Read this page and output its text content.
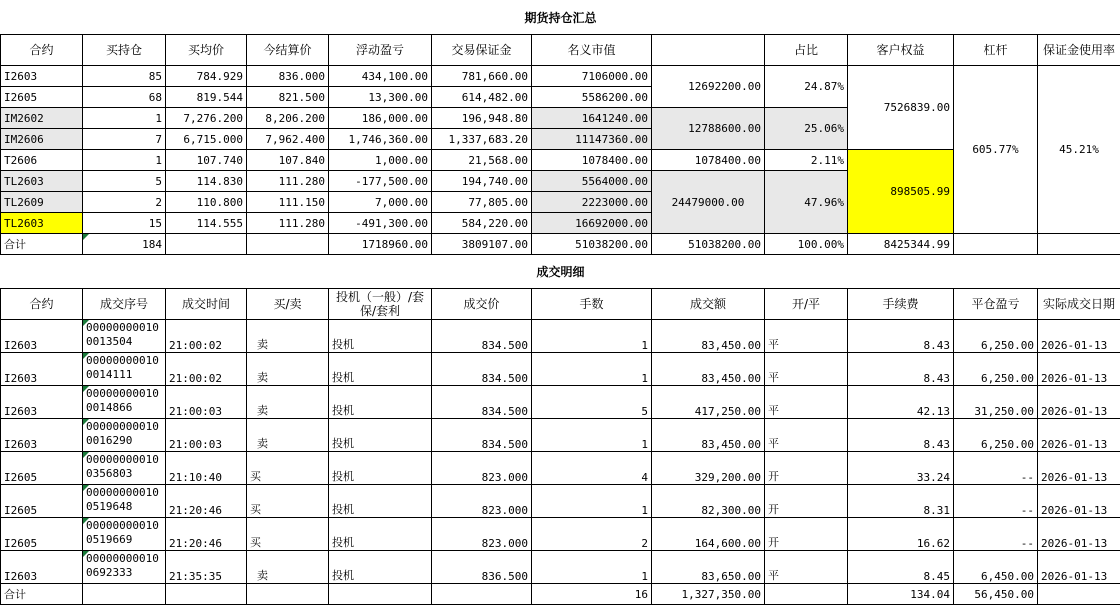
期货持仓汇总											
合约	买持仓	买均价	今结算价	浮动盈亏	交易保证金	名义市值		占比	客户权益	杠杆	保证金使用率
I2603	85	784.929	836.000	434,100.00	781,660.00	7106000.00	12692200.00	24.87%	7526839.00	605.77%	45.21%
I2605	68	819.544	821.500	13,300.00	614,482.00	5586200.00					
IM2602	1	7,276.200	8,206.200	186,000.00	196,948.80	1641240.00	12788600.00	25.06%			
IM2606	7	6,715.000	7,962.400	1,746,360.00	1,337,683.20	11147360.00					
T2606	1	107.740	107.840	1,000.00	21,568.00	1078400.00	1078400.00	2.11%	898505.99		
TL2603	5	114.830	111.280	-177,500.00	194,740.00	5564000.00	24479000.00	47.96%			
TL2609	2	110.800	111.150	7,000.00	77,805.00	2223000.00					
TL2603	15	114.555	111.280	-491,300.00	584,220.00	16692000.00					
合计	184			1718960.00	3809107.00	51038200.00	51038200.00	100.00%	8425344.99		
成交明细											
合约	成交序号	成交时间	买/卖	投机（一般）/套保/套利	成交价	手数	成交额	开/平	手续费	平仓盈亏	实际成交日期
I2603	000000000100013504	21:00:02	卖	投机	834.500	1	83,450.00	平	8.43	6,250.00	2026-01-13
I2603	000000000100014111	21:00:02	卖	投机	834.500	1	83,450.00	平	8.43	6,250.00	2026-01-13
I2603	000000000100014866	21:00:03	卖	投机	834.500	5	417,250.00	平	42.13	31,250.00	2026-01-13
I2603	000000000100016290	21:00:03	卖	投机	834.500	1	83,450.00	平	8.43	6,250.00	2026-01-13
I2605	000000000100356803	21:10:40	买	投机	823.000	4	329,200.00	开	33.24	--	2026-01-13
I2605	000000000100519648	21:20:46	买	投机	823.000	1	82,300.00	开	8.31	--	2026-01-13
I2605	000000000100519669	21:20:46	买	投机	823.000	2	164,600.00	开	16.62	--	2026-01-13
I2603	000000000100692333	21:35:35	卖	投机	836.500	1	83,650.00	平	8.45	6,450.00	2026-01-13
合计						16	1,327,350.00		134.04	56,450.00	
